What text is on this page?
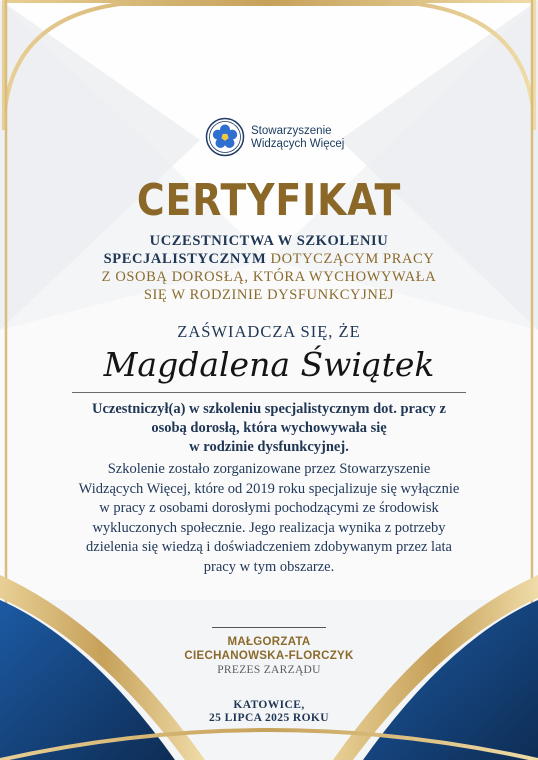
Stowarzyszenie
Widzących Więcej
CERTYFIKAT
UCZESTNICTWA W SZKOLENIU
SPECJALISTYCZNYM DOTYCZĄCYM PRACY
Z OSOBĄ DOROSŁĄ, KTÓRA WYCHOWYWAŁA
SIĘ W RODZINIE DYSFUNKCYJNEJ
ZAŚWIADCZA SIĘ, ŻE
Magdalena Świątek
Uczestniczył(a) w szkoleniu specjalistycznym dot. pracy z
osobą dorosłą, która wychowywała się
w rodzinie dysfunkcyjnej.
Szkolenie zostało zorganizowane przez Stowarzyszenie
Widzących Więcej, które od 2019 roku specjalizuje się wyłącznie
w pracy z osobami dorosłymi pochodzącymi ze środowisk
wykluczonych społecznie. Jego realizacja wynika z potrzeby
dzielenia się wiedzą i doświadczeniem zdobywanym przez lata
pracy w tym obszarze.
MAŁGORZATA
CIECHANOWSKA-FLORCZYK
PREZES ZARZĄDU
KATOWICE,
25 LIPCA 2025 ROKU
